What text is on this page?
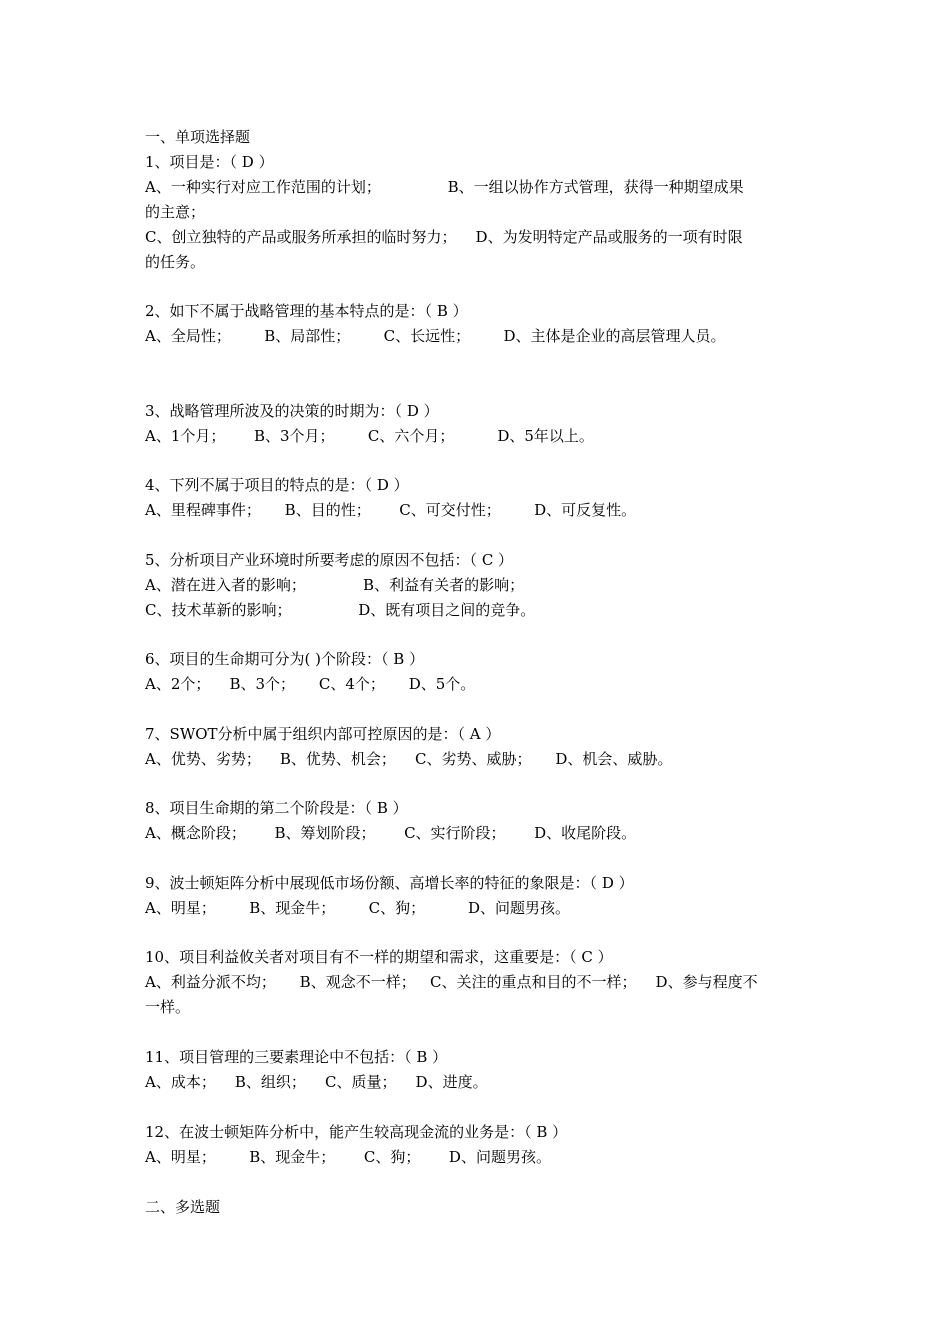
一、单项选择题
1、项目是：（ D ）
A、一种实行对应工作范围的计划；              B、一组以协作方式管理，获得一种期望成果
的主意；
C、创立独特的产品或服务所承担的临时努力；    D、为发明特定产品或服务的一项有时限
的任务。
2、如下不属于战略管理的基本特点的是：（ B ）
A、全局性；       B、局部性；       C、长远性；       D、主体是企业的高层管理人员。
3、战略管理所波及的决策的时期为：（ D ）
A、1个月；      B、3个月；       C、六个月；         D、5年以上。
4、下列不属于项目的特点的是：（ D ）
A、里程碑事件；     B、目的性；      C、可交付性；       D、可反复性。
5、分析项目产业环境时所要考虑的原因不包括：（ C ）
A、潜在进入者的影响；            B、利益有关者的影响；
C、技术革新的影响；              D、既有项目之间的竞争。
6、项目的生命期可分为( )个阶段：（ B ）
A、2个；    B、3个；     C、4个；     D、5个。
7、SWOT分析中属于组织内部可控原因的是：（ A ）
A、优势、劣势；    B、优势、机会；    C、劣势、威胁；     D、机会、威胁。
8、项目生命期的第二个阶段是：（ B ）
A、概念阶段；      B、筹划阶段；      C、实行阶段；      D、收尾阶段。
9、波士顿矩阵分析中展现低市场份额、高增长率的特征的象限是：（ D ）
A、明星；       B、现金牛；       C、狗；         D、问题男孩。
10、项目利益攸关者对项目有不一样的期望和需求，这重要是：（ C ）
A、利益分派不均；     B、观念不一样；   C、关注的重点和目的不一样；    D、参与程度不
一样。
11、项目管理的三要素理论中不包括：（ B ）
A、成本；    B、组织；    C、质量；    D、进度。
12、在波士顿矩阵分析中，能产生较高现金流的业务是：（ B ）
A、明星；       B、现金牛；      C、狗；      D、问题男孩。
二、多选题
